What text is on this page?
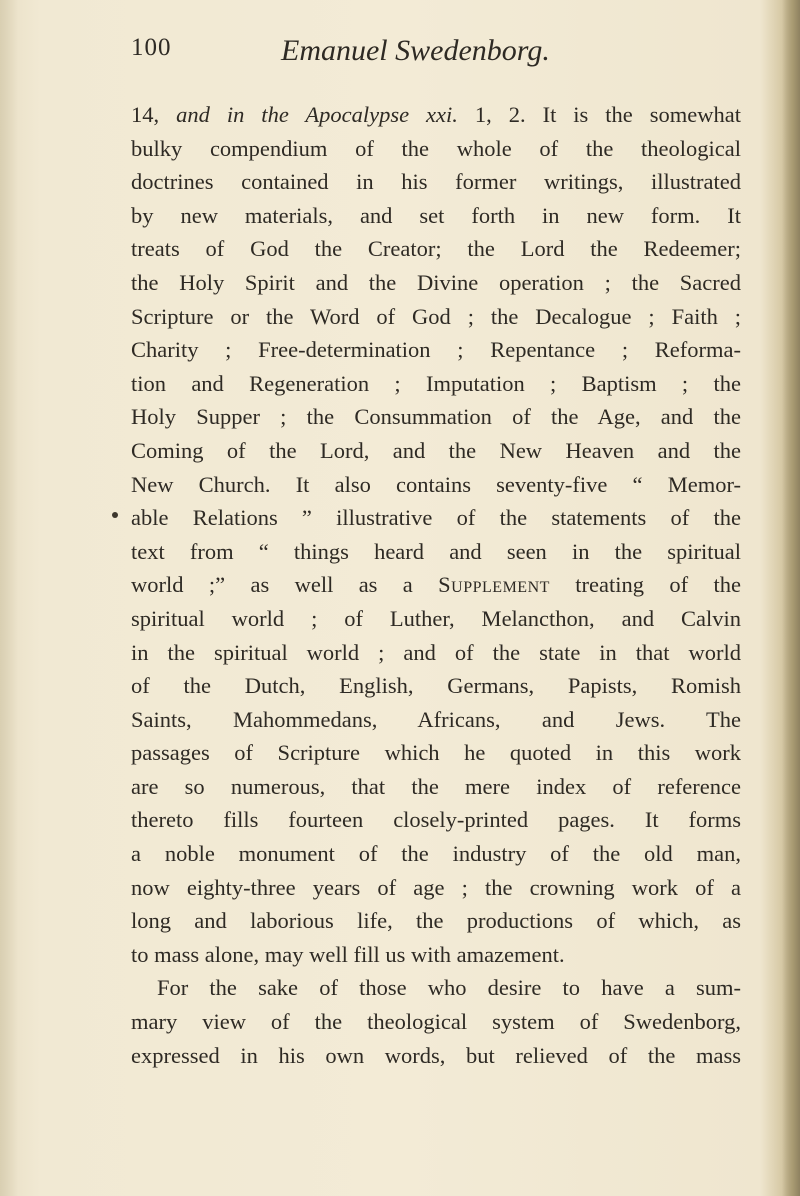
100	Emanuel Swedenborg.
14, and in the Apocalypse xxi. 1, 2. It is the somewhat
bulky compendium of the whole of the theological
doctrines contained in his former writings, illustrated
by new materials, and set forth in new form. It
treats of God the Creator; the Lord the Redeemer;
the Holy Spirit and the Divine operation ; the Sacred
Scripture or the Word of God ; the Decalogue ; Faith ;
Charity ; Free-determination ; Repentance ; Reforma-
tion and Regeneration ; Imputation ; Baptism ; the
Holy Supper ; the Consummation of the Age, and the
Coming of the Lord, and the New Heaven and the
New Church. It also contains seventy-five “ Memor-
able Relations ” illustrative of the statements of the
text from “ things heard and seen in the spiritual
world ;” as well as a Supplement treating of the
spiritual world ; of Luther, Melancthon, and Calvin
in the spiritual world ; and of the state in that world
of the Dutch, English, Germans, Papists, Romish
Saints, Mahommedans, Africans, and Jews. The
passages of Scripture which he quoted in this work
are so numerous, that the mere index of reference
thereto fills fourteen closely-printed pages. It forms
a noble monument of the industry of the old man,
now eighty-three years of age ; the crowning work of a
long and laborious life, the productions of which, as
to mass alone, may well fill us with amazement.
For the sake of those who desire to have a sum-
mary view of the theological system of Swedenborg,
expressed in his own words, but relieved of the mass
